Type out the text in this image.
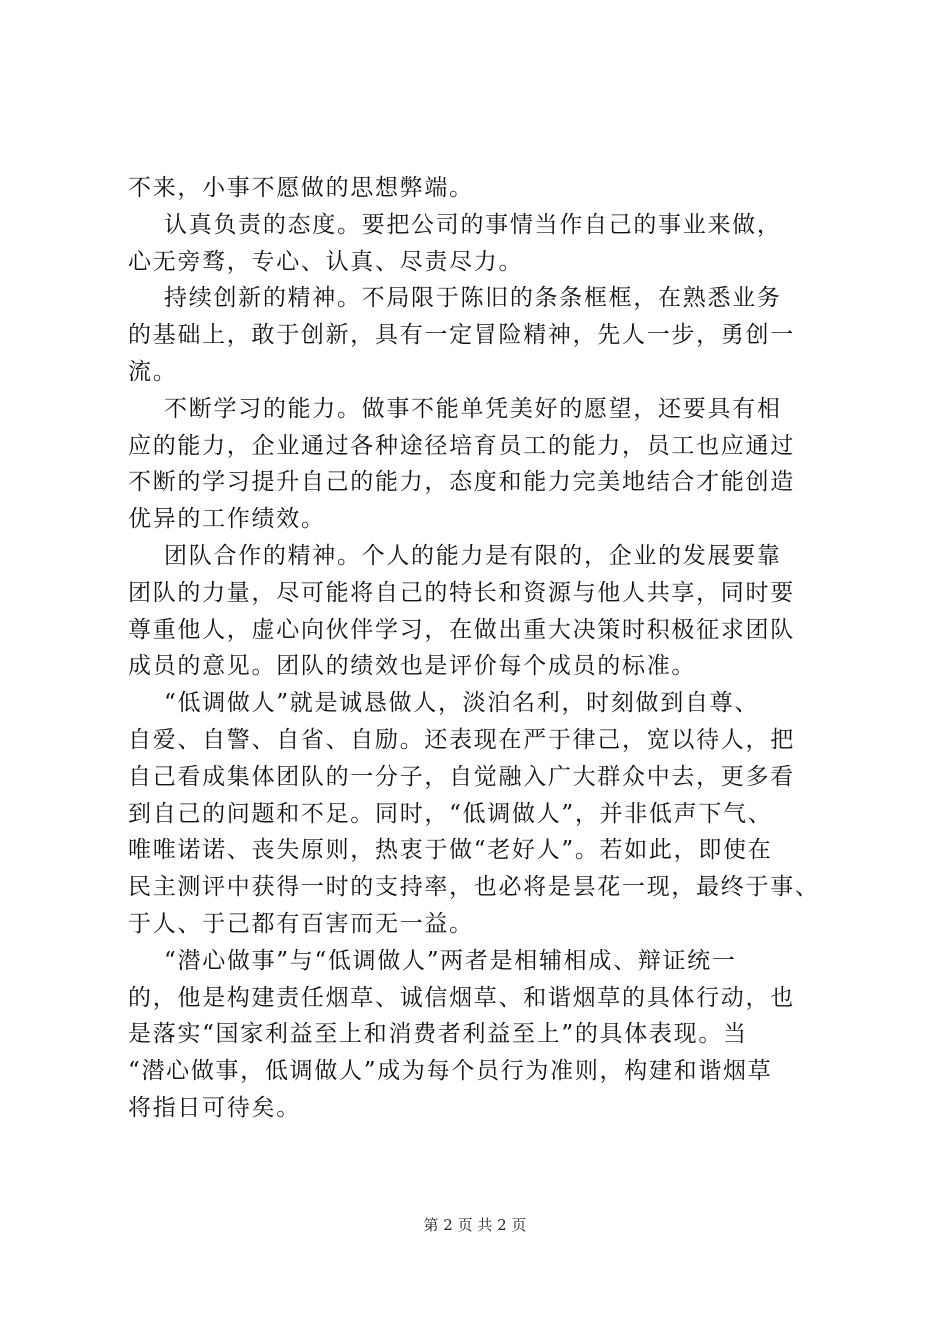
不来，小事不愿做的思想弊端。
认真负责的态度。要把公司的事情当作自己的事业来做，
心无旁骛，专心、认真、尽责尽力。
持续创新的精神。不局限于陈旧的条条框框，在熟悉业务
的基础上，敢于创新，具有一定冒险精神，先人一步，勇创一
流。
不断学习的能力。做事不能单凭美好的愿望，还要具有相
应的能力，企业通过各种途径培育员工的能力，员工也应通过
不断的学习提升自己的能力，态度和能力完美地结合才能创造
优异的工作绩效。
团队合作的精神。个人的能力是有限的，企业的发展要靠
团队的力量，尽可能将自己的特长和资源与他人共享，同时要
尊重他人，虚心向伙伴学习，在做出重大决策时积极征求团队
成员的意见。团队的绩效也是评价每个成员的标准。
“低调做人”就是诚恳做人，淡泊名利，时刻做到自尊、
自爱、自警、自省、自励。还表现在严于律己，宽以待人，把
自己看成集体团队的一分子，自觉融入广大群众中去，更多看
到自己的问题和不足。同时，“低调做人”，并非低声下气、
唯唯诺诺、丧失原则，热衷于做“老好人”。若如此，即使在
民主测评中获得一时的支持率，也必将是昙花一现，最终于事、
于人、于己都有百害而无一益。
“潜心做事”与“低调做人”两者是相辅相成、辩证统一
的，他是构建责任烟草、诚信烟草、和谐烟草的具体行动，也
是落实“国家利益至上和消费者利益至上”的具体表现。当
“潜心做事，低调做人”成为每个员行为准则，构建和谐烟草
将指日可待矣。
第 2 页 共 2 页
